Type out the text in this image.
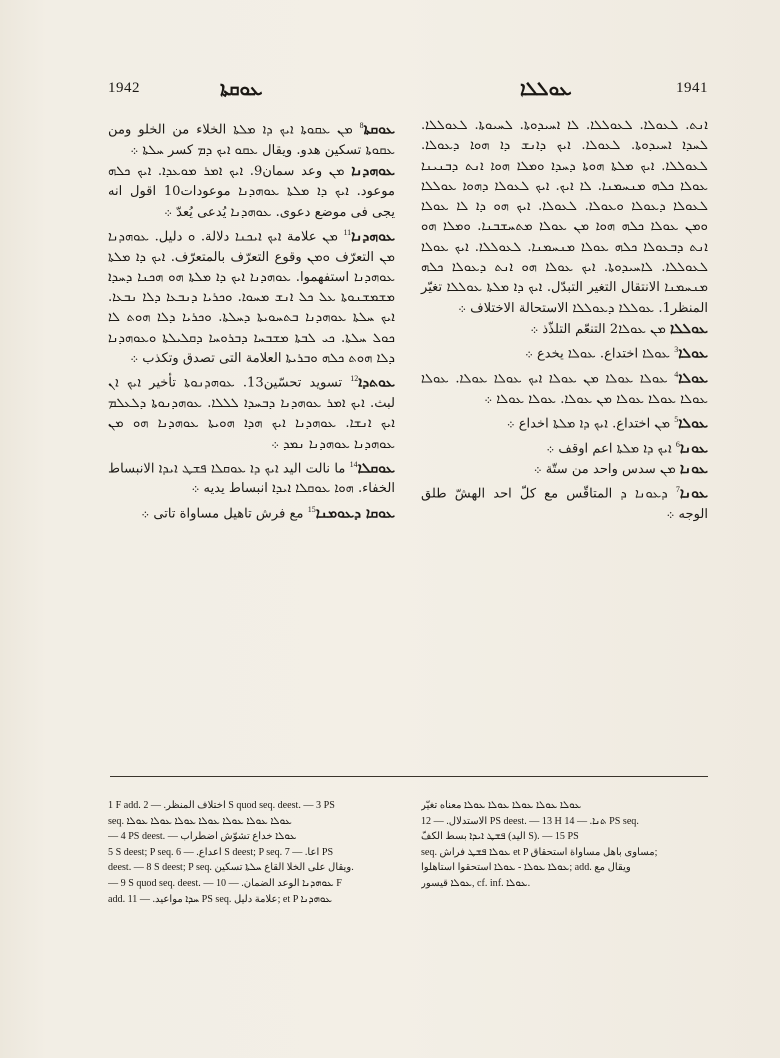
1942	ܥܘܩܬܐ	ܥܘܠܠܐ	1941
ܥܘܩܬܐ$^8$ ܡܢ ܥܩܘܬܐ ܐܝܟ ܕܐ ܡܠܬܐ الخلاء من الخلو ومن ܥܩܘܬܐ تسكين هدو. ويقال ܥܩܘ ܐܝܟ ܕܡ كسر ܚܠܬܐ ܀
ܥܘܗܕܢܐ ܡܢ وعد سمان9. ܐܝܟ ܐܡܪ ܡܘܥܕܐ. ܐܝܟ ܟܠܗ موعود. ܐܝܟ ܕܐ ܡܠܬܐ ܥܘܗܕܢܐ موعودات10 اقول انه يجى فى موضع دعوى. ܥܘܗܕܢܐ يُدعى يُعدّ ܀
ܥܘܗܕܢܐ$^{11}$ ܡܢ علامة ܐܝܟ ܐܝܟܢܐ دلالة. ܘ دليل. ܥܘܗܕܢܐ ܡܢ التعرّف ܘܡܢ وقوع التعرّف بالمتعرّف. ܐܝܟ ܕܐ ܡܠܬܐ ܥܘܗܕܢܐ استفهموا. ܥܘܗܕܢܐ ܐܝܟ ܕܐ ܡܠܬܐ ܗܘ ܗܟܢܐ ܕܚܕܐ ܡܫܡܫܢܘܬܐ ܥܠ ܟܠ ܐܢܫ ܡܚܘܐ. ܘܟܪܝܐ ܕܢܒܥܐ ܕܠܐ ܢܒܥܐ. ܐܝܟ ܚܠܬܐ ܥܘܗܕܢܐ ܒܬܚܘܝܬܐ ܕܚܠܬܐ. ܘܟܪܝܐ ܕܠܐ ܗܘܬ ܠܐ ܟܘܠ ܚܠܬܐ. ܟܝ ܠܒܬܐ ܡܫܒܚܐ ܕܒܪܘܚܐ ܕܩܠܝܠܬܐ ܘܥܘܗܕܢܐ ܕܠܐ ܗܘܬ ܟܠܗ ܘܒܪܝܬܐ العلامة التى تصدق وتكذب ܀
ܥܘܬܕܐ$^{12}$ تسويد تحسّين13. ܥܘܗܕܢܘܬܐ تأخير ܐܝܟ ܐܢ لبث. ܐܝܟ ܐܡܪ ܥܘܗܕܢܐ ܕܒܚܕܐ ܠܠܠܐ. ܥܘܗܕܢܘܬܐ ܕܠܥܠܡ ܐܝܟ ܐܢܫܐ. ܥܘܗܕܢܐ ܐܝܟ ܗܕܐ ܗܘܝܬܐ ܥܘܗܕܢܐ ܗܘ ܡܢ ܥܘܗܕܢܐ ܥܘܗܕܢܐ ܢܡܕ ܀
ܥܘܩܠܐ$^{14}$ ما نالت اليد ܐܝܟ ܕܐ ܥܘܩܠܐ ܦܫܛ ܐܝܕܐ الانبساط الخفاء. ܗܘܐ ܥܘܩܠܐ ܐܝܕܐ انبساط يديه ܀
ܥܘܩܐ ܕܥܘܡܢܐ$^{15}$ مع فرش تاهيل مساواة تاتى ܀
ܐܢܬ. ܠܥܘܠܐ. ܠܥܘܠܠܐ. ܠܐ ܐܚܝܕܘܬܐ. ܠܚܝܘܬܐ. ܠܥܘܠܠܐ. ܠܚܕܐ ܐܚܝܕܘܬܐ. ܠܥܘܠܐ. ܐܝܟ ܕܐܢܫ ܕܐ ܗܘܐ ܕܥܘܠܐ. ܠܥܘܠܠܐ. ܐܝܟ ܡܠܬܐ ܗܘܬܐ ܕܚܕܐ ܘܡܠܐ ܗܘܐ ܐܢܬ ܕܒܢܝܢܐ ܥܘܠܐ ܟܠܗ ܡܢܚܡܢܐ. ܠܐ ܐܝܟ. ܐܝܟ ܠܥܘܠܐ ܕܗܘܐ ܥܘܠܠܐ ܠܥܘܠܐ ܕܥܘܠܐ ܘܥܘܠܐ. ܠܥܘܠܐ. ܐܝܟ ܗܘ ܕܐ ܠܐ ܥܘܠܐ ܘܡܢ ܥܘܠܐ ܟܠܗ ܗܘܐ ܡܢ ܥܘܠܐ ܡܬܚܫܒܢܐ. ܘܡܠܐ ܗܘ ܐܢܬ ܕܒܥܘܠܐ ܟܠܗ ܥܘܠܐ ܡܢܚܡܢܐ. ܠܥܘܠܠܐ. ܐܝܟ ܥܘܠܐ ܠܥܘܠܠܐ. ܠܐܚܝܕܘܬܐ. ܐܝܟ ܥܘܠܐ ܗܘ ܐܢܬ ܕܥܘܠܐ ܟܠܗ ܡܢܚܡܢܐ الانتقال التغير التبدّل. ܐܝܟ ܕܐ ܡܠܬܐ ܥܘܠܠܐ تغيّر المنظر1. ܥܘܠܠܐ ܕܥܘܠܠܐ الاستحالة الاختلاف ܀
ܥܘܠܠܐ ܡܢ ܥܘܠܐ2 التنعّم التلذّذ ܀
ܥܘܠܐ$^3$ ܥܘܠܐ اختداع. ܥܘܠܐ يخدع ܀
ܥܘܠܐ$^4$ ܥܘܠܐ ܥܘܠܐ ܡܢ ܥܘܠܐ ܐܝܟ ܥܘܠܐ ܥܘܠܐ. ܥܘܠܐ ܥܘܠܐ ܥܘܠܐ ܥܘܠܐ ܡܢ ܥܘܠܐ. ܥܘܠܐ ܥܘܠܐ ܀
ܥܘܠܐ$^5$ ܡܢ اختداع. ܐܝܟ ܕܐ ܡܠܬܐ اخداع ܀
ܥܘܢܐ$^6$ ܐܝܟ ܕܐ ܡܠܬܐ اعم اوقف ܀
ܥܘܢܐ ܡܢ سدس واحد من ستّة ܀
ܥܘܢܐ$^7$ ܕܥܘܢܐ ܕ المتاقّس مع كلّ احد الهشّ طلق الوجه ܀
1 F add. اختلاف المنظر. — 2 S quod seq. deest. — 3 PS
seq. ܥܘܠܐ ܥܘܠܐ ܥܘܠܐ ܥܘܠܐ ܥܘܠܐ ܥܘܠܐ ܥܘܠܐ
— 4 PS deest. — ܥܘܠܐ خداع تشوّش اضطراب
5 S deest; P seq. اعداع. — 6 S deest; P seq. اعا. — 7 PS
deest. — 8 S deest; P seq. ويقال على الخلا القاع ܚܠܬܐ تسكين.
— 9 S quod seq. deest. — ܥܘܗܕܢܐ الوعد الضمان. — 10 F
add. ܚܕܐ مواعيد. — 11 PS seq. علامة دليل; et P ܥܘܗܕܢܐ
ܥܘܠܐ ܥܘܠܐ ܥܘܠܐ ܥܘܠܐ ܥܘܠܐ معناه تغيّر
الاستدلال. — 12 PS deest. — 13 H ܬܢܐ. — 14 PS seq.
ܦܫܛ ܐܝܕܐ بسط الكفّ (اليد S). — 15 PS
seq. ܥܘܠܐ ܦܫܛ فراش et P مساوى باهل مساواة استحقاق;
ܥܘܠܐ ܥܘܠܐ - ܥܘܠܐ استحقوا استاهلوا; add. ويقال مع
ܥܘܠܐ قيسور, cf. inf. ܥܘܠܐ.
